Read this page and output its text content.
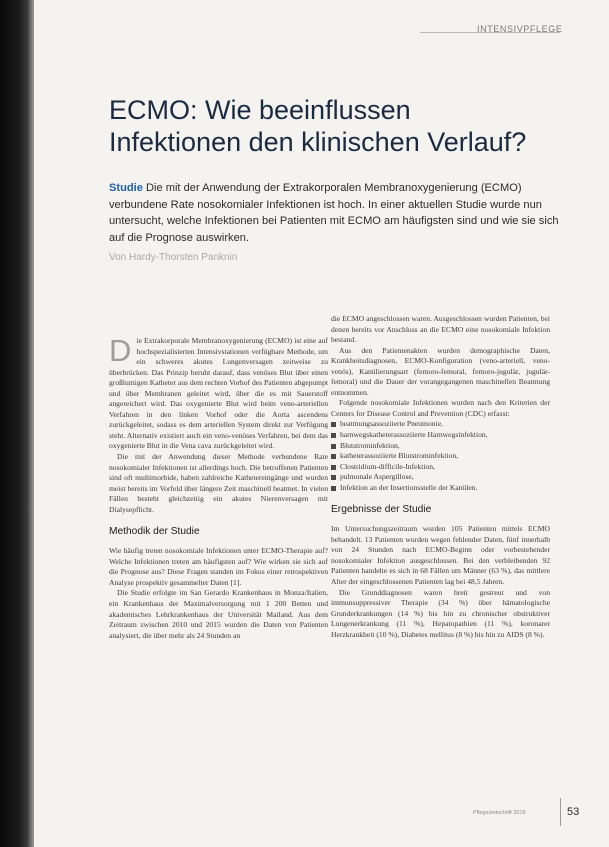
INTENSIVPFLEGE
ECMO: Wie beeinflussen
Infektionen den klinischen Verlauf?

Studie Die mit der Anwendung der Extrakorporalen Membranoxygenierung (ECMO) verbundene Rate nosokomialer Infektionen ist hoch. In einer aktuellen Studie wurde nun untersucht, welche Infektionen bei Patienten mit ECMO am häufigsten sind und wie sie sich auf die Prognose auswirken.

Von Hardy-Thorsten Panknin

Die Extrakorporale Membranoxygenierung (ECMO) ist eine auf hochspezialisierten Intensivstationen verfügbare Methode, um ein schweres akutes Lungenversagen zeitweise zu überbrücken. Das Prinzip beruht darauf, dass venöses Blut über einen großlumigen Katheter aus dem rechten Vorhof des Patienten abgepumpt und über Membranen geleitet wird, über die es mit Sauerstoff angereichert wird. Das oxygenierte Blut wird beim veno-arteriellen Verfahren in den linken Vorhof oder die Aorta ascendens zurückgeleitet, sodass es dem arteriellen System direkt zur Verfügung steht. Alternativ existiert auch ein veno-venöses Verfahren, bei dem das oxygenierte Blut in die Vena cava zurückgeleitet wird.

Die mit der Anwendung dieser Methode verbundene Rate nosokomialer Infektionen ist allerdings hoch. Die betroffenen Patienten sind oft multimorbide, haben zahlreiche Kathetereingänge und wurden meist bereits im Vorfeld über längere Zeit maschinell beatmet. In vielen Fällen besteht gleichzeitig ein akutes Nierenversagen mit Dialysepflicht.

Methodik der Studie

Wie häufig treten nosokomiale Infektionen unter ECMO-Therapie auf? Welche Infektionen treten am häufigsten auf? Wie wirken sie sich auf die Prognose aus? Diese Fragen standen im Fokus einer retrospektiven Analyse prospektiv gesammelter Daten [1].

Die Studie erfolgte im San Gerardo Krankenhaus in Monza/Italien, ein Krankenhaus der Maximalversorgung mit 1 200 Betten und akademisches Lehrkrankenhaus der Universität Mailand. Aus dem Zeitraum zwischen 2010 und 2015 wurden die Daten von Patienten analysiert, die über mehr als 24 Stunden an

die ECMO angeschlossen waren. Ausgeschlossen wurden Patienten, bei denen bereits vor Anschluss an die ECMO eine nosokomiale Infektion bestand.

Aus den Patientenakten wurden demographische Daten, Krankheitsdiagnosen, ECMO-Konfiguration (veno-arteriell, veno-venös), Kanülierungsart (femoro-femoral, femoro-jugulär, jugulär-femoral) und die Dauer der vorangegangenen maschinellen Beatmung entnommen.

Folgende nosokomiale Infektionen wurden nach den Kriterien der Centers for Disease Control and Prevention (CDC) erfasst:

beatmungsassoziierte Pneumonie,
harnwegskatheterassoziierte Harnwegsinfektion,
Blutstrominfektion,
katheterassoziierte Blutstrominfektion,
Clostridium-difficile-Infektion,
pulmonale Aspergillose,
Infektion an der Insertionsstelle der Kanülen.
Ergebnisse der Studie

Im Untersuchungszeitraum wurden 105 Patienten mittels ECMO behandelt. 13 Patienten wurden wegen fehlender Daten, fünf innerhalb von 24 Stunden nach ECMO-Beginn oder vorbestehender nosokomialer Infektion ausgeschlossen. Bei den verbleibenden 92 Patienten handelte es sich in 68 Fällen um Männer (63 %), das mittlere Alter der eingeschlossenen Patienten lag bei 48,5 Jahren.

Die Grunddiagnosen waren breit gestreut und von immunsuppressiver Therapie (34 %) über hämatologische Grunderkrankungen (14 %) bis hin zu chronischer obstruktiver Lungenerkrankung (11 %), Hepatopathien (11 %), koronarer Herzkrankheit (10 %), Diabetes mellitus (8 %) bis hin zu AIDS (8 %).

Pflegezeitschrift 2019	53
